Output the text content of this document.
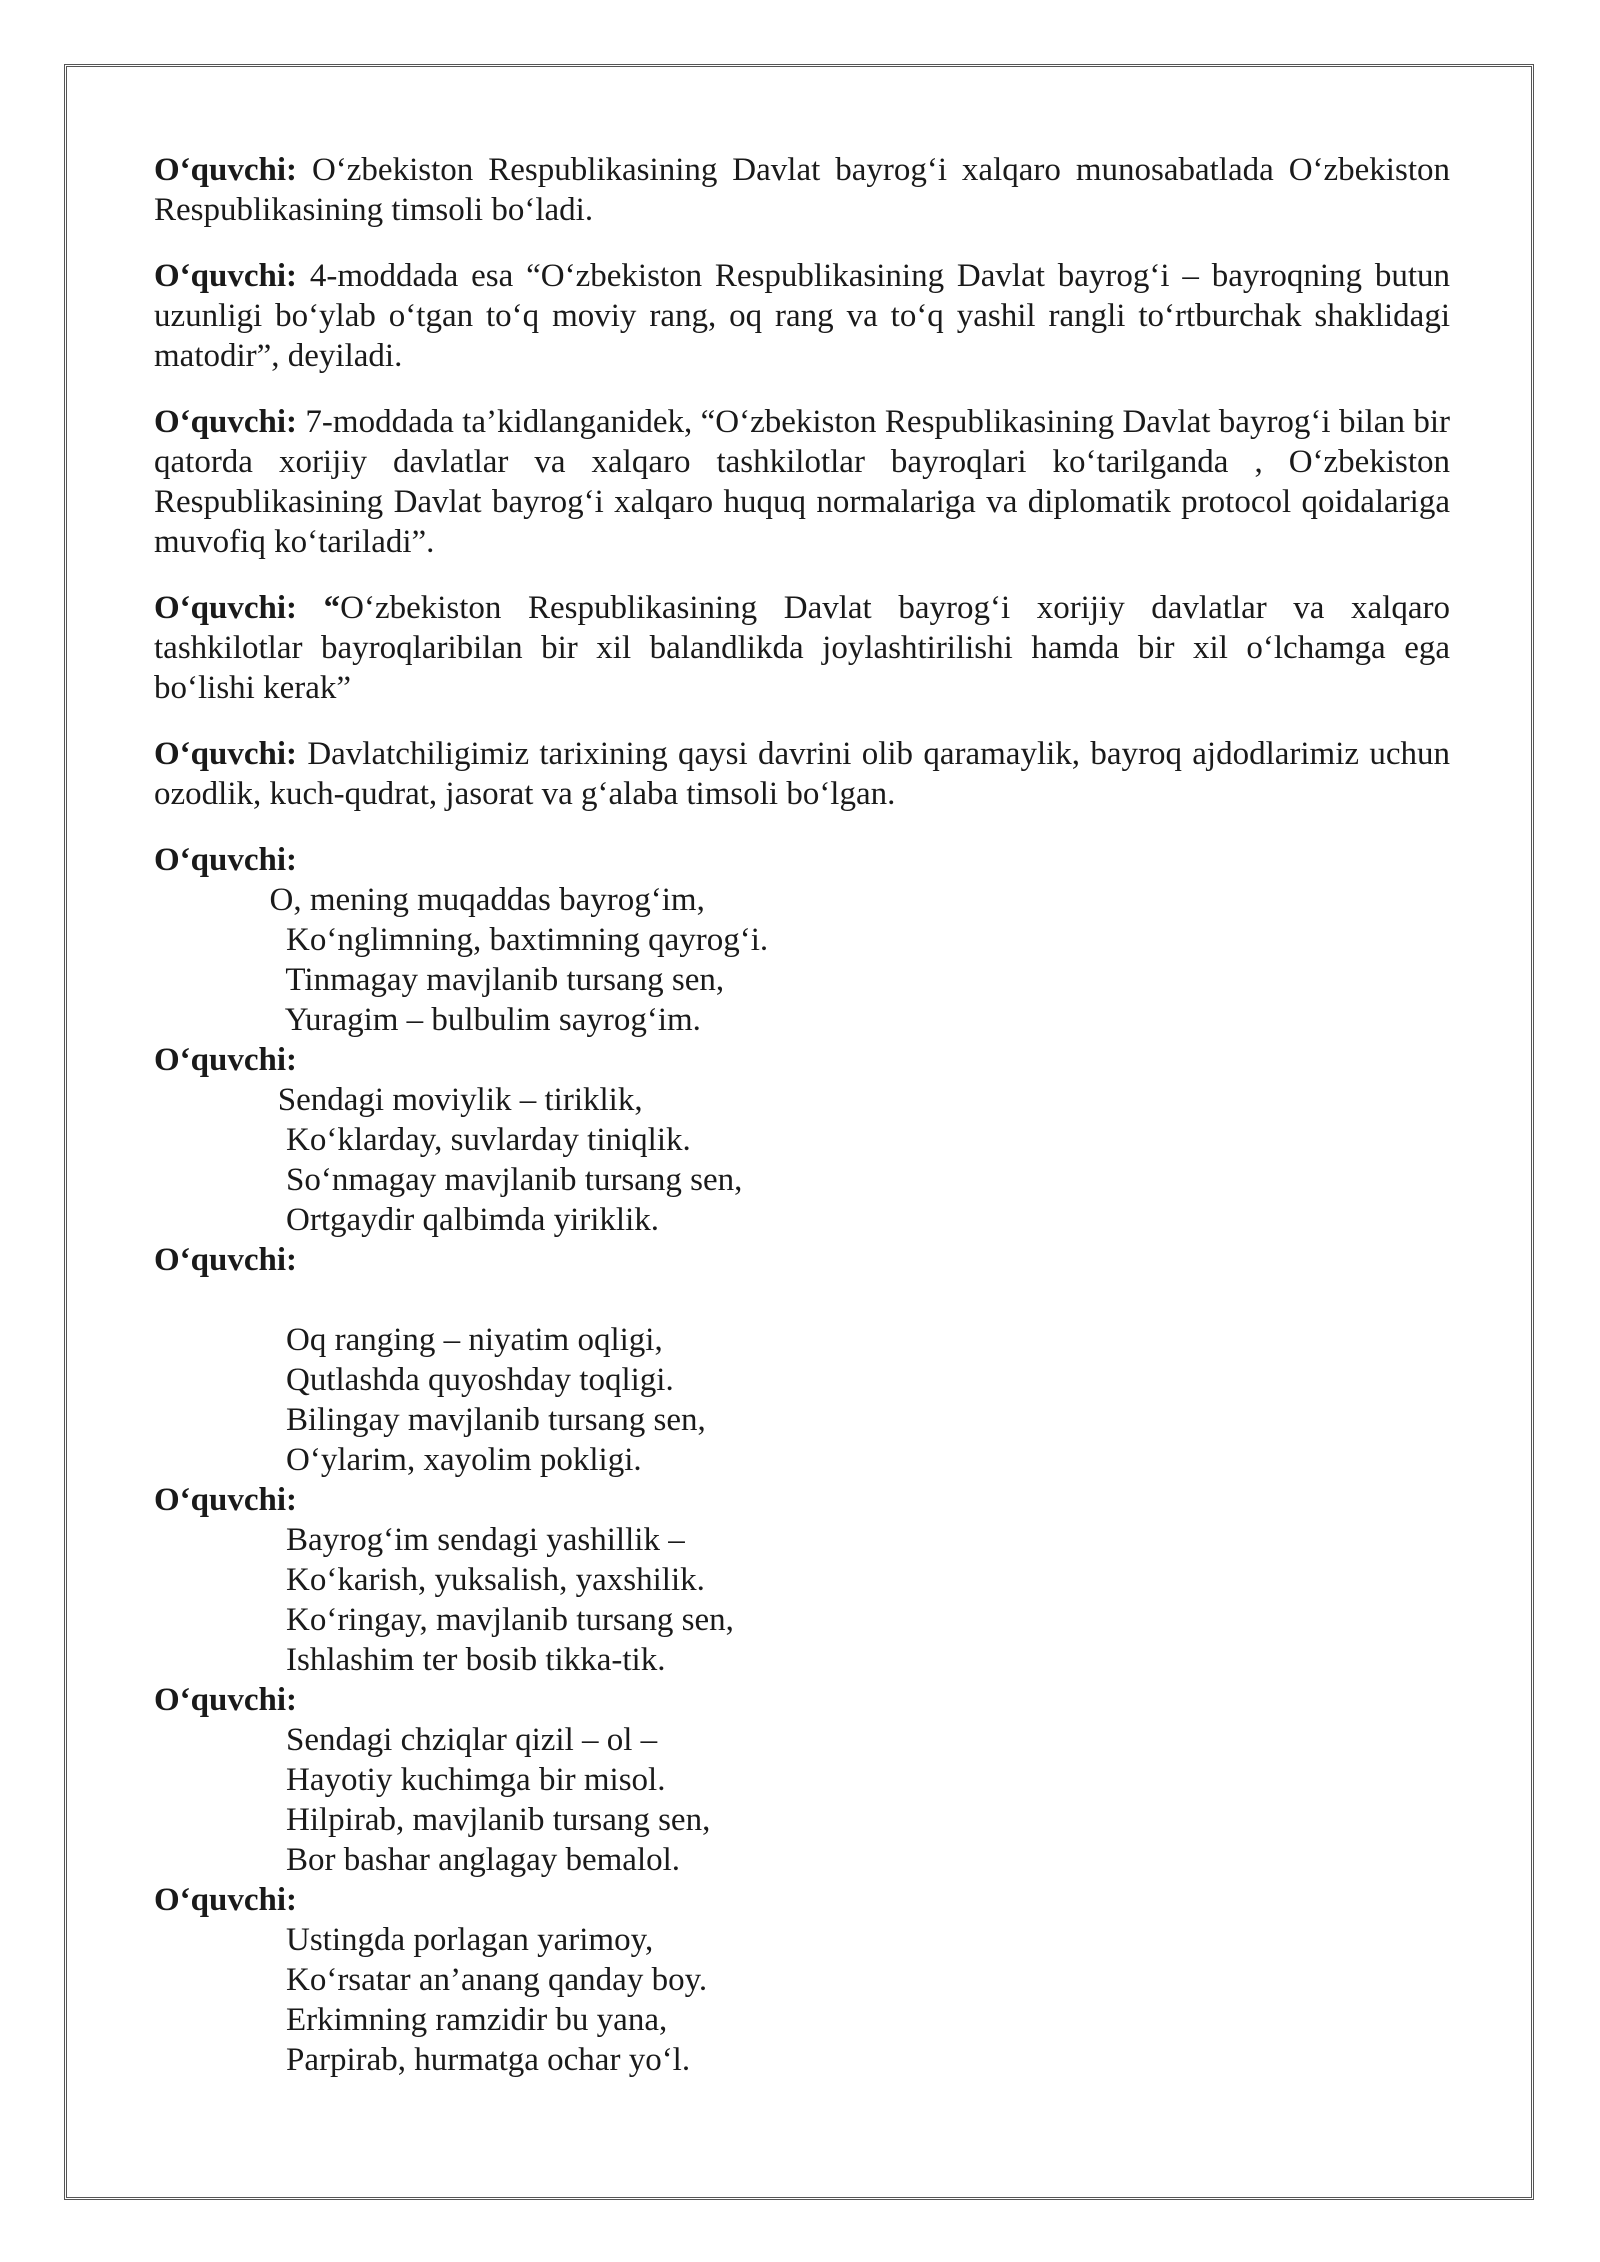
O‘quvchi: O‘zbekiston Respublikasining Davlat bayrog‘i xalqaro munosabatlada O‘zbekiston Respublikasining timsoli bo‘ladi.

O‘quvchi: 4-moddada esa “O‘zbekiston Respublikasining Davlat bayrog‘i – bayroqning butun uzunligi bo‘ylab o‘tgan to‘q moviy rang, oq rang va to‘q yashil rangli to‘rtburchak shaklidagi matodir”, deyiladi.

O‘quvchi: 7-moddada ta’kidlanganidek, “O‘zbekiston Respublikasining Davlat bayrog‘i bilan bir qatorda xorijiy davlatlar va xalqaro tashkilotlar bayroqlari ko‘tarilganda , O‘zbekiston Respublikasining Davlat bayrog‘i xalqaro huquq normalariga va diplomatik protocol qoidalariga muvofiq ko‘tariladi”.

O‘quvchi: “O‘zbekiston Respublikasining Davlat bayrog‘i xorijiy davlatlar va xalqaro tashkilotlar bayroqlaribilan bir xil balandlikda joylashtirilishi hamda bir xil o‘lchamga ega bo‘lishi kerak”

O‘quvchi: Davlatchiligimiz tarixining qaysi davrini olib qaramaylik, bayroq ajdodlarimiz uchun ozodlik, kuch-qudrat, jasorat va g‘alaba timsoli bo‘lgan.

O‘quvchi:
O, mening muqaddas bayrog‘im,
Ko‘nglimning, baxtimning qayrog‘i.
Tinmagay mavjlanib tursang sen,
Yuragim – bulbulim sayrog‘im.
O‘quvchi:
Sendagi moviylik – tiriklik,
Ko‘klarday, suvlarday tiniqlik.
So‘nmagay mavjlanib tursang sen,
Ortgaydir qalbimda yiriklik.
O‘quvchi:
Oq ranging – niyatim oqligi,
Qutlashda quyoshday toqligi.
Bilingay mavjlanib tursang sen,
O‘ylarim, xayolim pokligi.
O‘quvchi:
Bayrog‘im sendagi yashillik –
Ko‘karish, yuksalish, yaxshilik.
Ko‘ringay, mavjlanib tursang sen,
Ishlashim ter bosib tikka-tik.
O‘quvchi:
Sendagi chziqlar qizil – ol –
Hayotiy kuchimga bir misol.
Hilpirab, mavjlanib tursang sen,
Bor bashar anglagay bemalol.
O‘quvchi:
Ustingda porlagan yarimoy,
Ko‘rsatar an’anang qanday boy.
Erkimning ramzidir bu yana,
Parpirab, hurmatga ochar yo‘l.
